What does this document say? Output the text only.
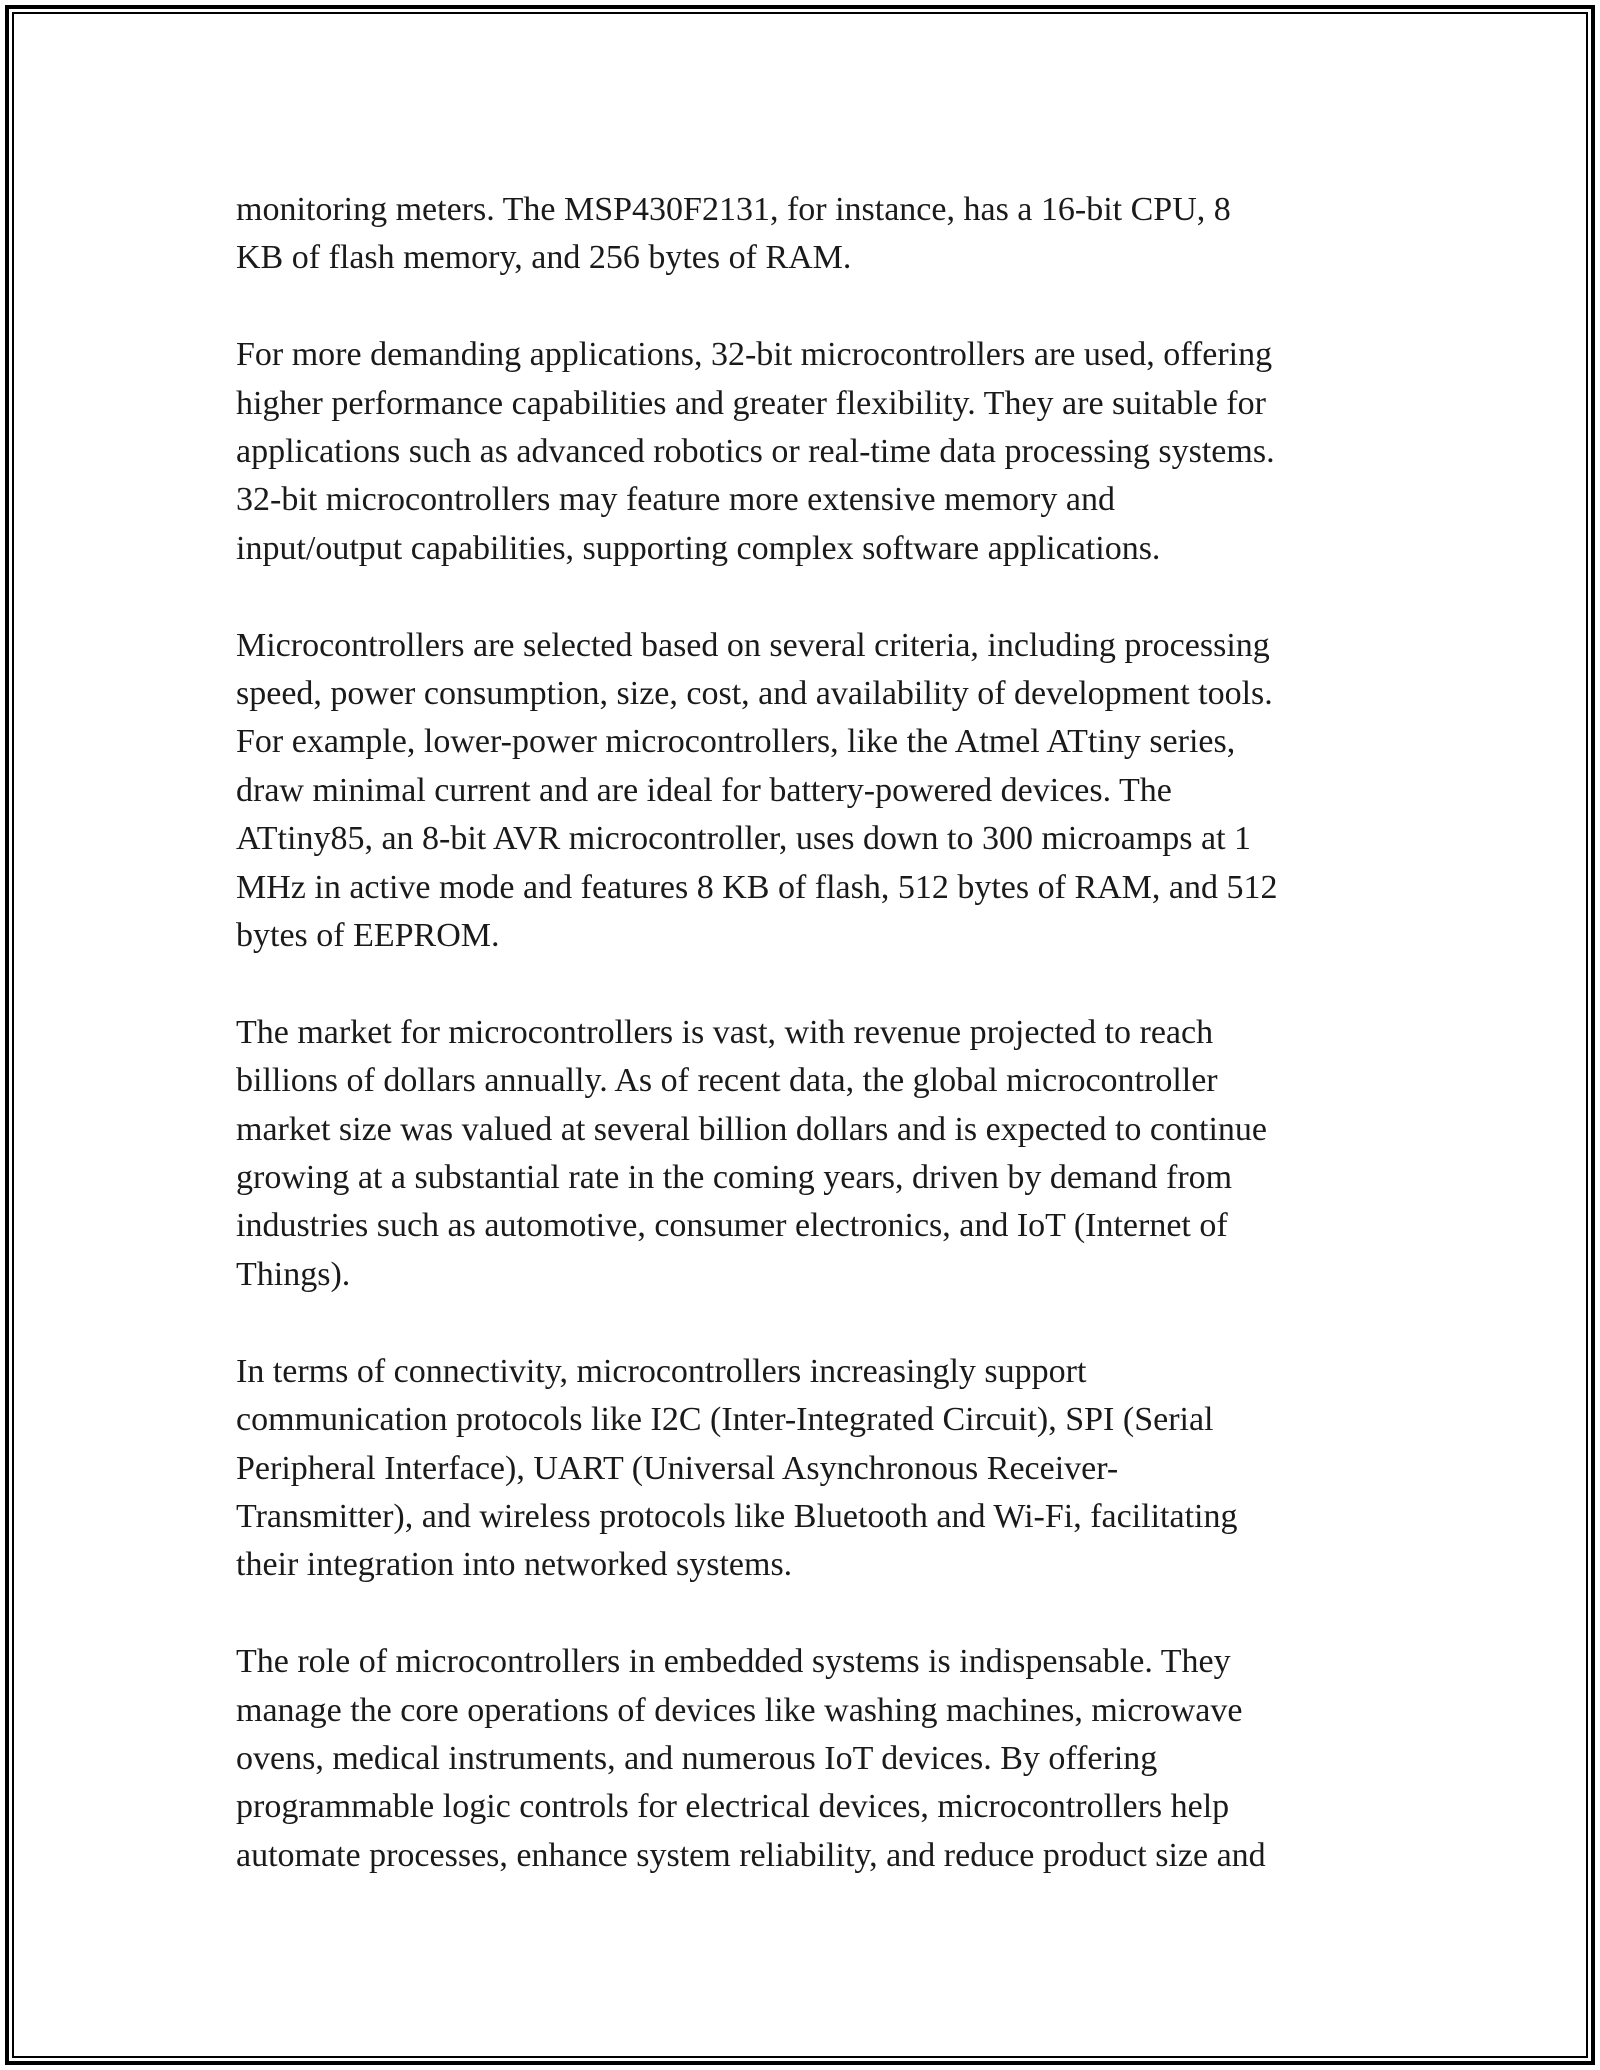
monitoring meters. The MSP430F2131, for instance, has a 16-bit CPU, 8
KB of flash memory, and 256 bytes of RAM.

For more demanding applications, 32-bit microcontrollers are used, offering
higher performance capabilities and greater flexibility. They are suitable for
applications such as advanced robotics or real-time data processing systems.
32-bit microcontrollers may feature more extensive memory and
input/output capabilities, supporting complex software applications.

Microcontrollers are selected based on several criteria, including processing
speed, power consumption, size, cost, and availability of development tools.
For example, lower-power microcontrollers, like the Atmel ATtiny series,
draw minimal current and are ideal for battery-powered devices. The
ATtiny85, an 8-bit AVR microcontroller, uses down to 300 microamps at 1
MHz in active mode and features 8 KB of flash, 512 bytes of RAM, and 512
bytes of EEPROM.

The market for microcontrollers is vast, with revenue projected to reach
billions of dollars annually. As of recent data, the global microcontroller
market size was valued at several billion dollars and is expected to continue
growing at a substantial rate in the coming years, driven by demand from
industries such as automotive, consumer electronics, and IoT (Internet of
Things).

In terms of connectivity, microcontrollers increasingly support
communication protocols like I2C (Inter-Integrated Circuit), SPI (Serial
Peripheral Interface), UART (Universal Asynchronous Receiver-
Transmitter), and wireless protocols like Bluetooth and Wi-Fi, facilitating
their integration into networked systems.

The role of microcontrollers in embedded systems is indispensable. They
manage the core operations of devices like washing machines, microwave
ovens, medical instruments, and numerous IoT devices. By offering
programmable logic controls for electrical devices, microcontrollers help
automate processes, enhance system reliability, and reduce product size and
